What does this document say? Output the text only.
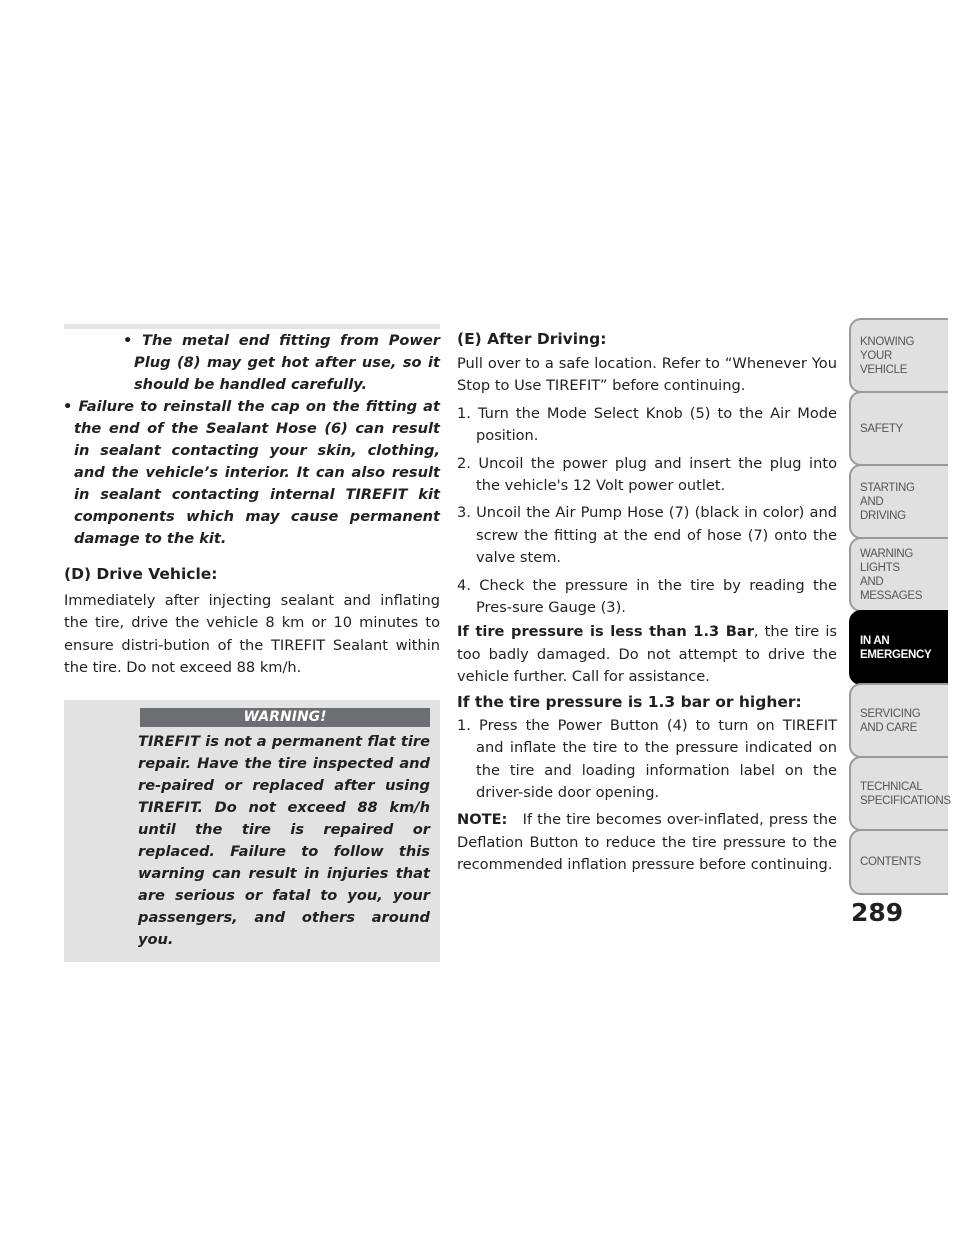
• The metal end fitting from Power Plug (8) may get hot after use, so it should be handled carefully.
• Failure to reinstall the cap on the fitting at the end of the Sealant Hose (6) can result in sealant contacting your skin, clothing, and the vehicle’s interior. It can also result in sealant contacting internal TIREFIT kit components which may cause permanent damage to the kit.
(D) Drive Vehicle:

Immediately after injecting sealant and inflating the tire, drive the vehicle 8 km or 10 minutes to ensure distri-bution of the TIREFIT Sealant within the tire. Do not exceed 88 km/h.

WARNING!
TIREFIT is not a permanent flat tire repair. Have the tire inspected and re-paired or replaced after using TIREFIT. Do not exceed 88 km/h until the tire is repaired or replaced. Failure to follow this warning can result in injuries that are serious or fatal to you, your passengers, and others around you.
(E) After Driving:

Pull over to a safe location. Refer to “Whenever You Stop to Use TIREFIT” before continuing.

1. Turn the Mode Select Knob (5) to the Air Mode position.
2. Uncoil the power plug and insert the plug into the vehicle's 12 Volt power outlet.
3. Uncoil the Air Pump Hose (7) (black in color) and screw the fitting at the end of hose (7) onto the valve stem.
4. Check the pressure in the tire by reading the Pres-sure Gauge (3).

If tire pressure is less than 1.3 Bar, the tire is too badly damaged. Do not attempt to drive the vehicle further. Call for assistance.

If the tire pressure is 1.3 bar or higher:
1. Press the Power Button (4) to turn on TIREFIT and inflate the tire to the pressure indicated on the tire and loading information label on the driver-side door opening.

NOTE: If the tire becomes over-inflated, press the Deflation Button to reduce the tire pressure to the recommended inflation pressure before continuing.

KNOWING
YOUR
VEHICLE
SAFETY
STARTING
AND
DRIVING
WARNING
LIGHTS
AND
MESSAGES
IN AN
EMERGENCY
SERVICING
AND CARE
TECHNICAL
SPECIFICATIONS
CONTENTS
289
